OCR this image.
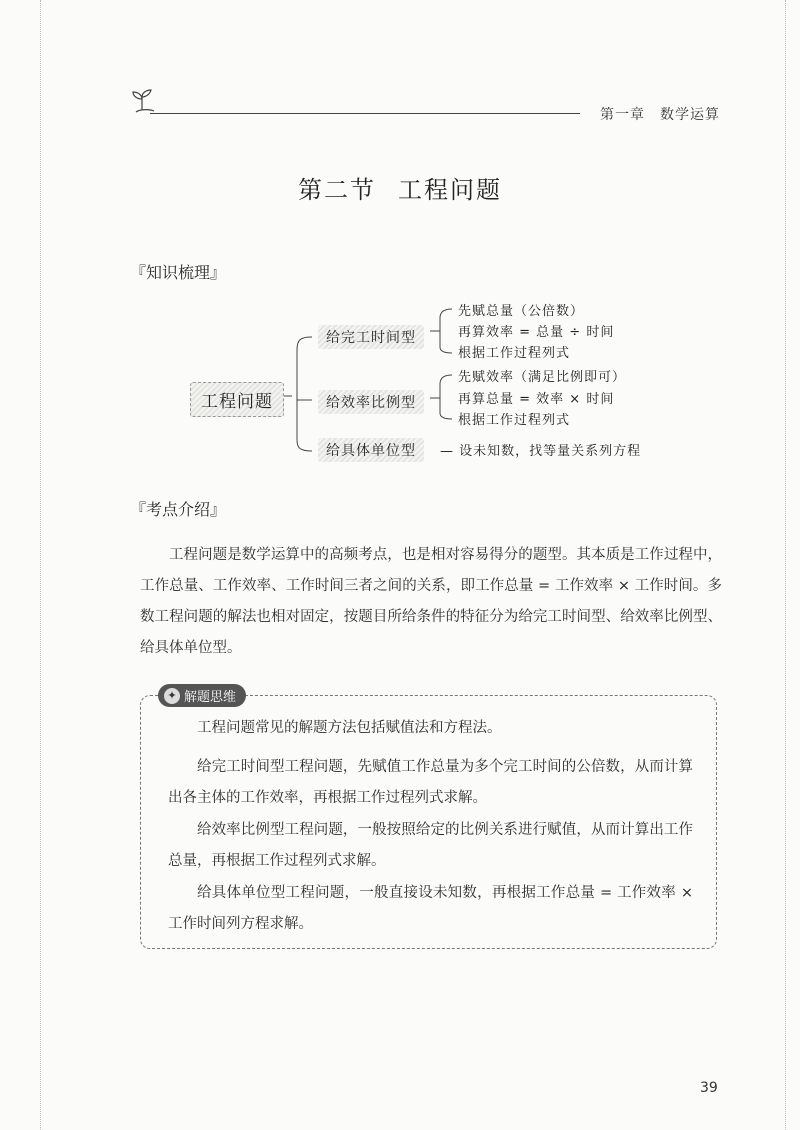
第一章　数学运算
第二节 工程问题
『知识梳理』
工程问题
给完工时间型
先赋总量（公倍数）
再算效率 = 总量 ÷ 时间
根据工作过程列式
给效率比例型
先赋效率（满足比例即可）
再算总量 = 效率 × 时间
根据工作过程列式
给具体单位型	— 设未知数，找等量关系列方程
『考点介绍』
工程问题是数学运算中的高频考点，也是相对容易得分的题型。其本质是工作过程中，工作总量、工作效率、工作时间三者之间的关系，即工作总量 = 工作效率 × 工作时间。多数工程问题的解法也相对固定，按题目所给条件的特征分为给完工时间型、给效率比例型、给具体单位型。
✦ 解题思维
工程问题常见的解题方法包括赋值法和方程法。
给完工时间型工程问题，先赋值工作总量为多个完工时间的公倍数，从而计算出各主体的工作效率，再根据工作过程列式求解。
给效率比例型工程问题，一般按照给定的比例关系进行赋值，从而计算出工作总量，再根据工作过程列式求解。
给具体单位型工程问题，一般直接设未知数，再根据工作总量 = 工作效率 × 工作时间列方程求解。
39
